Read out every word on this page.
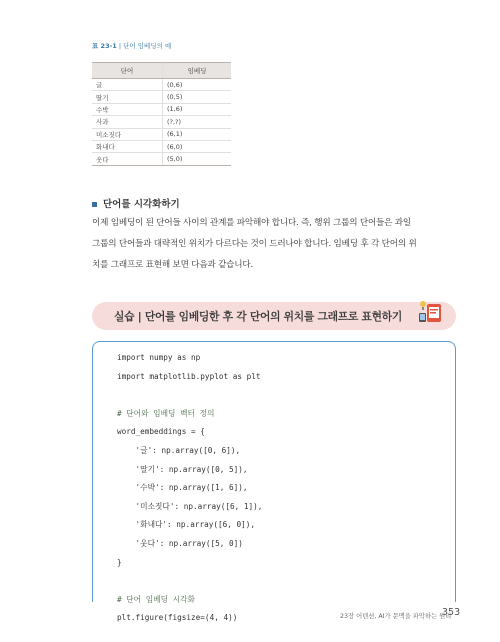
표 23-1 | 단어 임베딩의 예
단어	임베딩
글	(0,6)
딸기	(0,5)
수박	(1,6)
사과	(?,?)
미소짓다	(6,1)
화내다	(6,0)
웃다	(5,0)
단어를 시각화하기
이제 임베딩이 된 단어들 사이의 관계를 파악해야 합니다. 즉, 행위 그룹의 단어들은 과일
그룹의 단어들과 대략적인 위치가 다르다는 것이 드러나야 합니다. 임베딩 후 각 단어의 위
치를 그래프로 표현해 보면 다음과 같습니다.
실습 | 단어를 임베딩한 후 각 단어의 위치를 그래프로 표현하기
import numpy as np
import matplotlib.pyplot as plt
# 단어와 임베딩 벡터 정의
word_embeddings = {
'글': np.array([0, 6]),
'딸기': np.array([0, 5]),
'수박': np.array([1, 6]),
'미소짓다': np.array([6, 1]),
'화내다': np.array([6, 0]),
'웃다': np.array([5, 0])
}
# 단어 임베딩 시각화
plt.figure(figsize=(4, 4))	23장 어텐션, AI가 문맥을 파악하는 원리
353
